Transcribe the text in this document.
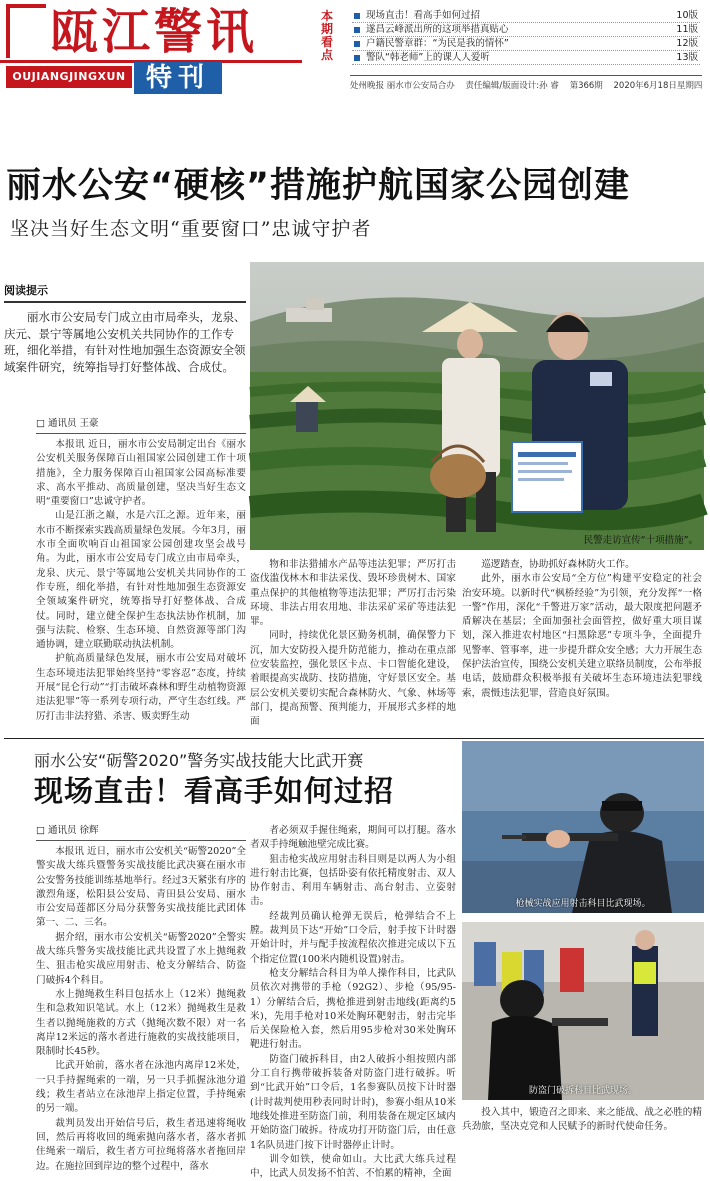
瓯江警讯
OUJIANGJINGXUN 特刊
本期看点
现场直击！看高手如何过招	10版
遂昌云峰派出所的这项举措真贴心	11版
户籍民警章群：“为民是我的情怀”	12版
警队“韩老师”上的课人人爱听	13版
处州晚报 丽水市公安局合办 责任编辑/版面设计:孙 睿 第366期 2020年6月18日星期四
丽水公安“硬核”措施护航国家公园创建
坚决当好生态文明“重要窗口”忠诚守护者
阅读提示

丽水市公安局专门成立由市局牵头，龙泉、庆元、景宁等属地公安机关共同协作的工作专班，细化举措，有针对性地加强生态资源安全领域案件研究，统筹指导打好整体战、合成仗。

民警走访宣传“十项措施”。
□ 通讯员 王豪

本报讯 近日，丽水市公安局制定出台《丽水公安机关服务保障百山祖国家公园创建工作十项措施》，全力服务保障百山祖国家公园高标准要求、高水平推动、高质量创建，坚决当好生态文明“重要窗口”忠诚守护者。

山是江浙之巅，水是六江之源。近年来，丽水市不断探索实践高质量绿色发展。今年3月，丽水市全面吹响百山祖国家公园创建攻坚会战号角。为此，丽水市公安局专门成立由市局牵头，龙泉、庆元、景宁等属地公安机关共同协作的工作专班，细化举措，有针对性地加强生态资源安全领域案件研究，统筹指导打好整体战、合成仗。同时，建立健全保护生态执法协作机制，加强与法院、检察、生态环境、自然资源等部门沟通协调，建立联勤联动执法机制。

护航高质量绿色发展，丽水市公安局对破坏生态环境违法犯罪始终坚持“零容忍”态度，持续开展“昆仑行动”“打击破坏森林和野生动植物资源违法犯罪”等一系列专项行动，严守生态红线。严厉打击非法狩猎、杀害、贩卖野生动

物和非法猎捕水产品等违法犯罪；严厉打击盗伐滥伐林木和非法采伐、毁坏珍贵树木、国家重点保护的其他植物等违法犯罪；严厉打击污染环境、非法占用农用地、非法采矿采矿等违法犯罪。

同时，持续优化景区勤务机制，确保警力下沉，加大安防投入提升防范能力，推动在重点部位安装监控，强化景区卡点、卡口智能化建设，着眼提高实战防、技防措施，守好景区安全。基层公安机关要切实配合森林防火、气象、林场等部门，提高预警、预判能力，开展形式多样的地面

巡逻踏查，协助抓好森林防火工作。

此外，丽水市公安局“全方位”构建平安稳定的社会治安环境。以新时代“枫桥经验”为引领，充分发挥“一格一警”作用，深化“千警进万家”活动，最大限度把问题矛盾解决在基层；全面加强社会面管控，做好重大项目谋划，深入推进农村地区“扫黑除恶”专项斗争，全面提升见警率、管事率，进一步提升群众安全感；大力开展生态保护法治宣传，围绕公安机关建立联络员制度，公布举报电话，鼓励群众积极举报有关破坏生态环境违法犯罪线索，震慑违法犯罪，营造良好氛围。

丽水公安“砺警2020”警务实战技能大比武开赛
现场直击！看高手如何过招
□ 通讯员 徐辉

本报讯 近日，丽水市公安机关“砺警2020”全警实战大练兵暨警务实战技能比武决赛在丽水市公安警务技能训练基地举行。经过3天紧张有序的激烈角逐，松阳县公安局、青田县公安局、丽水市公安局莲都区分局分获警务实战技能比武团体第一、二、三名。

据介绍，丽水市公安机关“砺警2020”全警实战大练兵警务实战技能比武共设置了水上抛绳救生、狙击枪实战应用射击、枪支分解结合、防盗门破拆4个科目。

水上抛绳救生科目包括水上（12米）抛绳救生和急救知识笔试。水上（12米）抛绳救生是救生者以抛绳施救的方式（抛绳次数不限）对一名离岸12米远的落水者进行施救的实战技能项目，限制时长45秒。

比武开始前，落水者在泳池内离岸12米处，一只手持握绳索的一端，另一只手抓握泳池分道线；救生者站立在泳池岸上指定位置，手持绳索的另一端。

裁判员发出开始信号后，救生者迅速将绳收回，然后再将收回的绳索抛向落水者，落水者抓住绳索一端后，救生者方可拉绳将落水者拖回岸边。在施拉回到岸边的整个过程中，落水

者必须双手握住绳索，期间可以打腿。落水者双手持绳触池壁完成比赛。

狙击枪实战应用射击科目则是以两人为小组进行射击比赛，包括卧姿有依托精度射击、双人协作射击、利用车辆射击、高台射击、立姿射击。

经裁判员确认枪弹无误后，枪弹结合不上膛。裁判员下达“开始”口令后，射手按下计时器开始计时，并与配手按流程依次推进完成以下五个指定位置(100米内随机设置)射击。

枪支分解结合科目为单人操作科目，比武队员依次对携带的手枪（92G2）、步枪（95/95-1）分解结合后，携枪推进到射击地线(距离约5米)，先用手枪对10米处胸环靶射击，射击完毕后关保险枪入套，然后用95步枪对30米处胸环靶进行射击。

防盗门破拆科目，由2人破拆小组按照内部分工自行携带破拆装备对防盗门进行破拆。听到“比武开始”口令后，1名参赛队员按下计时器(计时裁判使用秒表同时计时)，参赛小组从10米地线处推进至防盗门前，利用装备在规定区域内开始防盗门破拆。待成功打开防盗门后，由任意1名队员进门按下计时器停止计时。

训令如铁，使命如山。大比武大练兵过程中，比武人员发扬不怕苦、不怕累的精神，全面

枪械实战应用射击科目比武现场。
防盗门破拆科目比武现场。

投入其中，锻造召之即来、来之能战、战之必胜的精兵劲旅，坚决克党和人民赋予的新时代使命任务。
